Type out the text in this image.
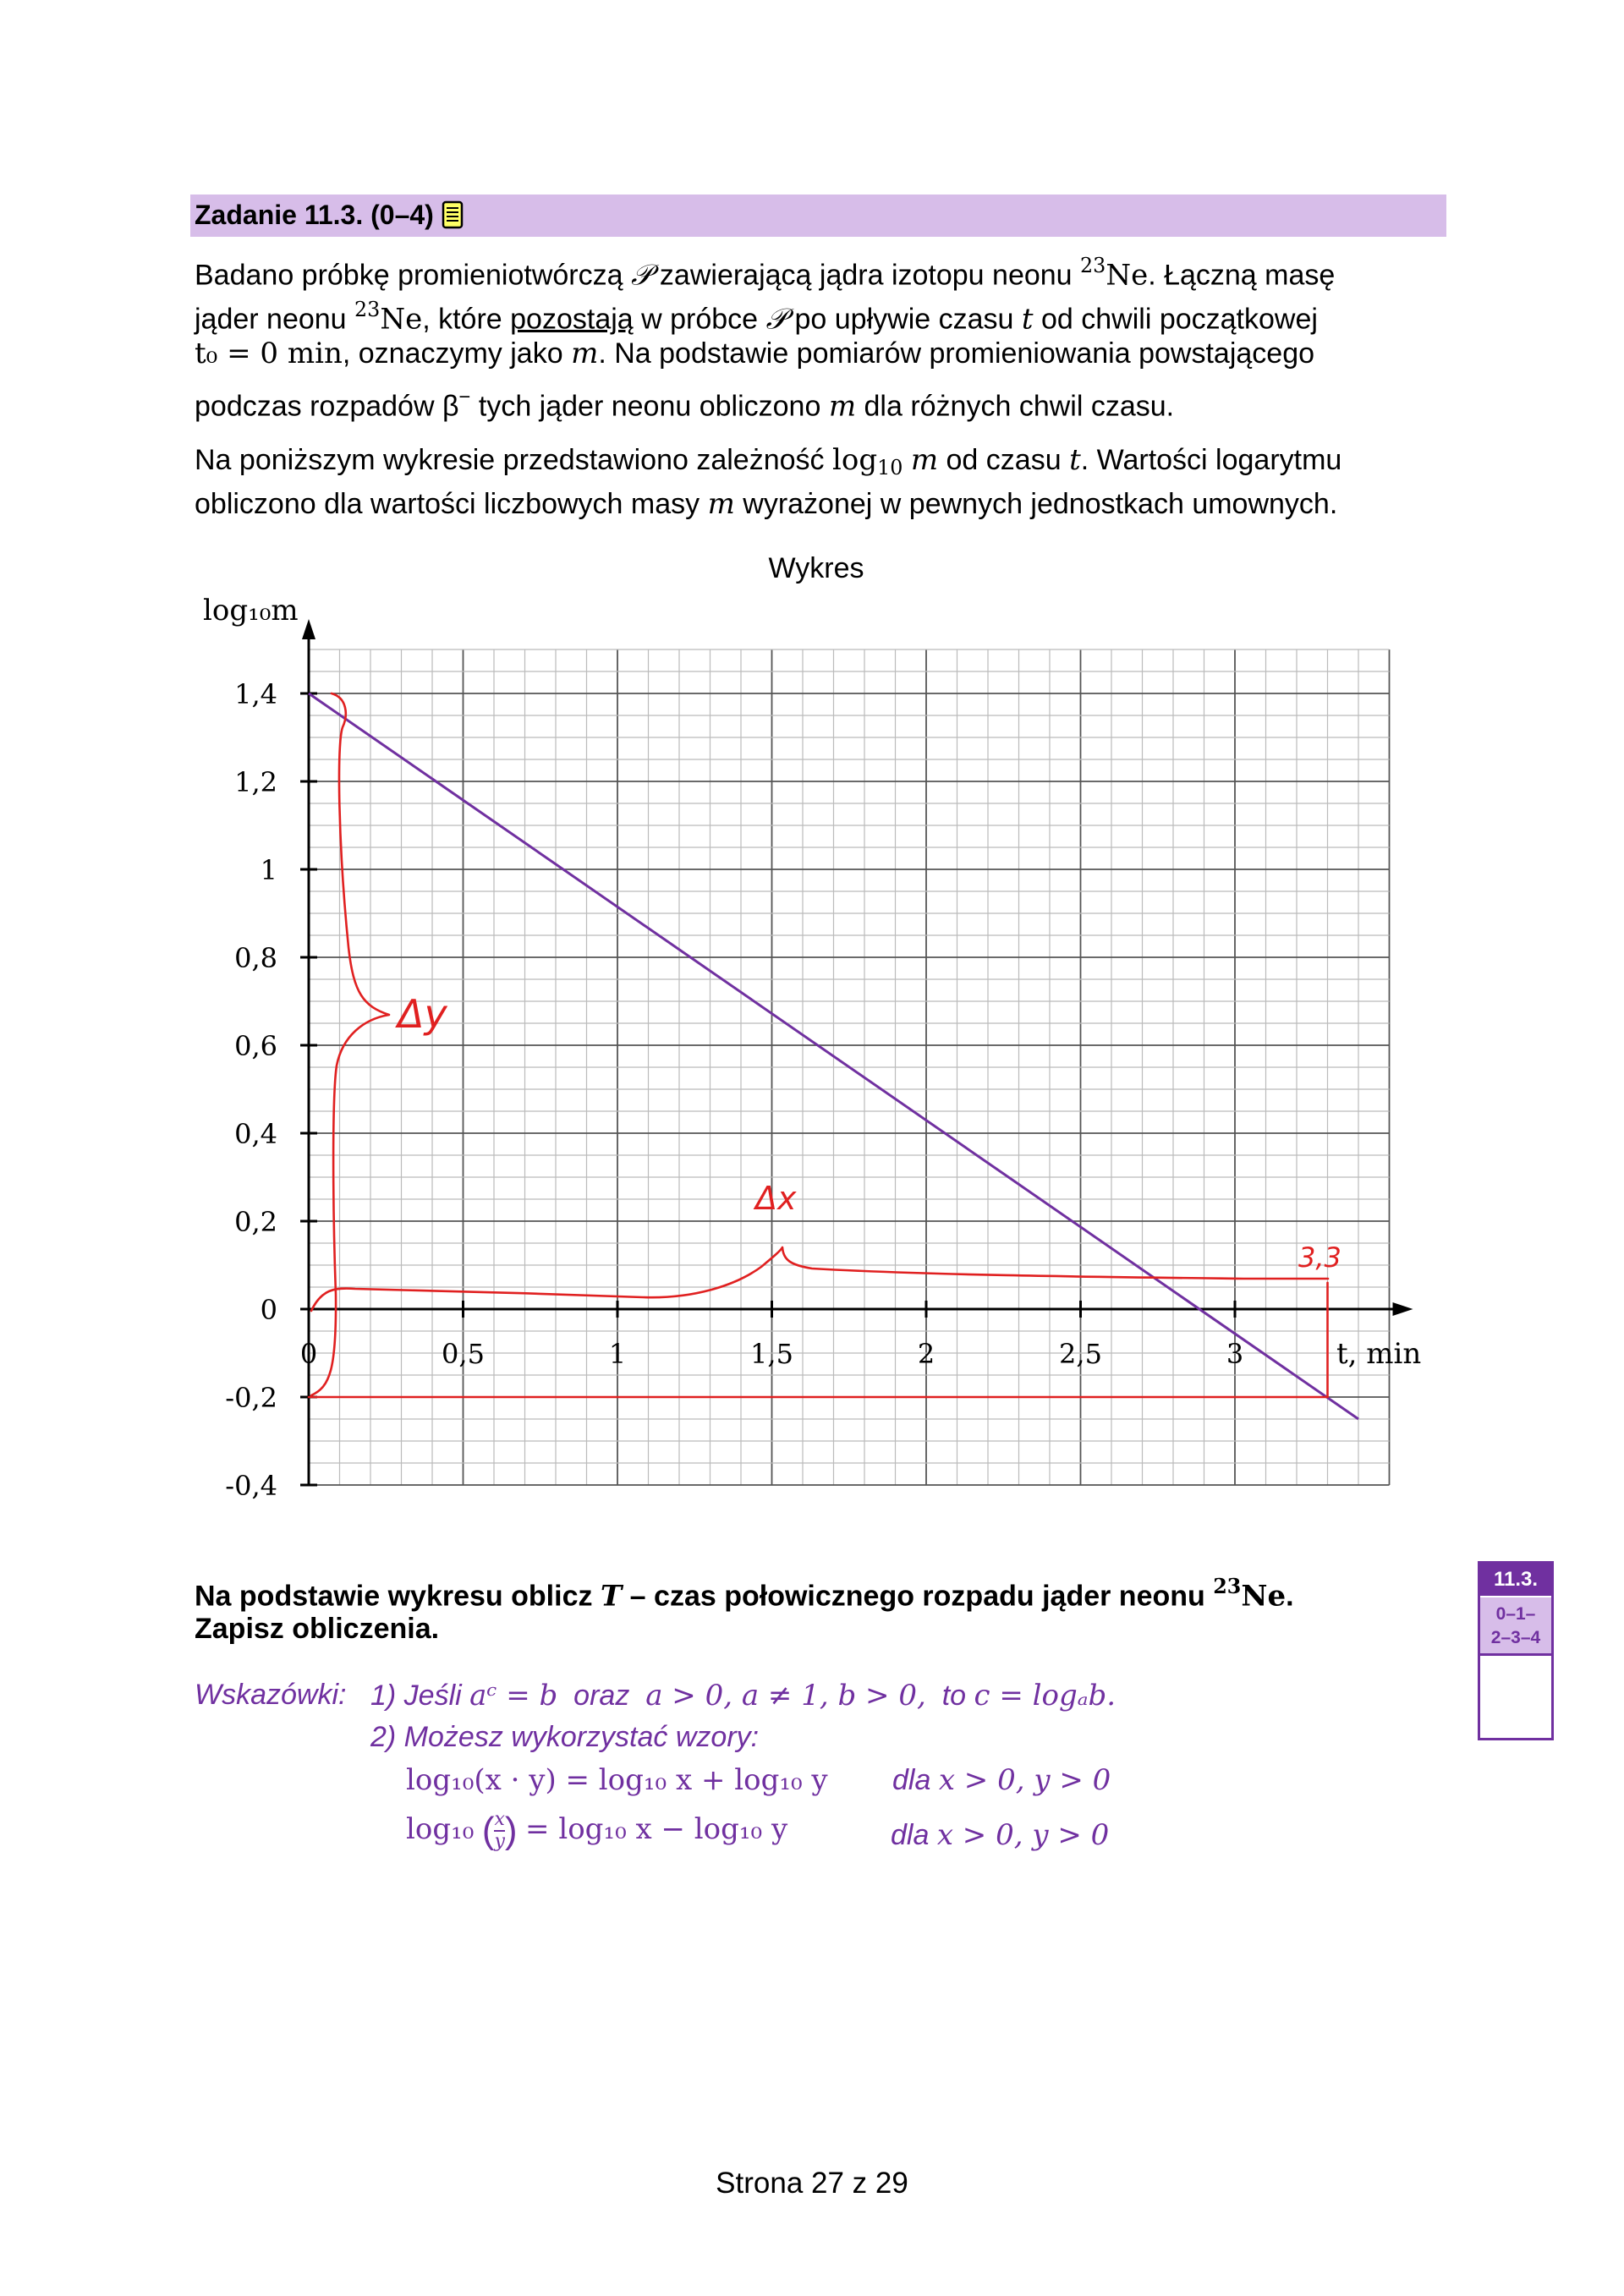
Zadanie 11.3. (0–4)
Badano próbkę promieniotwórczą 𝒫 zawierającą jądra izotopu neonu $^{23}$Ne. Łączną masę
jąder neonu $^{23}$Ne, które pozostają w próbce 𝒫 po upływie czasu t od chwili początkowej
t₀ = 0 min, oznaczymy jako m. Na podstawie pomiarów promieniowania powstającego
podczas rozpadów β− tych jąder neonu obliczono m dla różnych chwil czasu.
Na poniższym wykresie przedstawiono zależność $\log_{10} m$ od czasu t. Wartości logarytmu
obliczono dla wartości liczbowych masy m wyrażonej w pewnych jednostkach umownych.
Wykres
log₁₀m
t, min
1,4
1,2
1
0,8
0,6
0,4
0,2
0
-0,2
-0,4
0	0,5	1	1,5	2	2,5	3
Δy
Δx
3,3
Na podstawie wykresu oblicz T – czas połowicznego rozpadu jąder neonu $^{23}$Ne.
Zapisz obliczenia.
Wskazówki: 1) Jeśli aᶜ = b oraz a > 0, a ≠ 1, b > 0, to c = logₐb.
2) Możesz wykorzystać wzory:
log₁₀(x · y) = log₁₀ x + log₁₀ y dla x > 0, y > 0
log₁₀ ( $\frac{x}{y}$ ) = log₁₀ x − log₁₀ y	dla x > 0, y > 0
11.3.
0–1–
2–3–4
Strona 27 z 29
